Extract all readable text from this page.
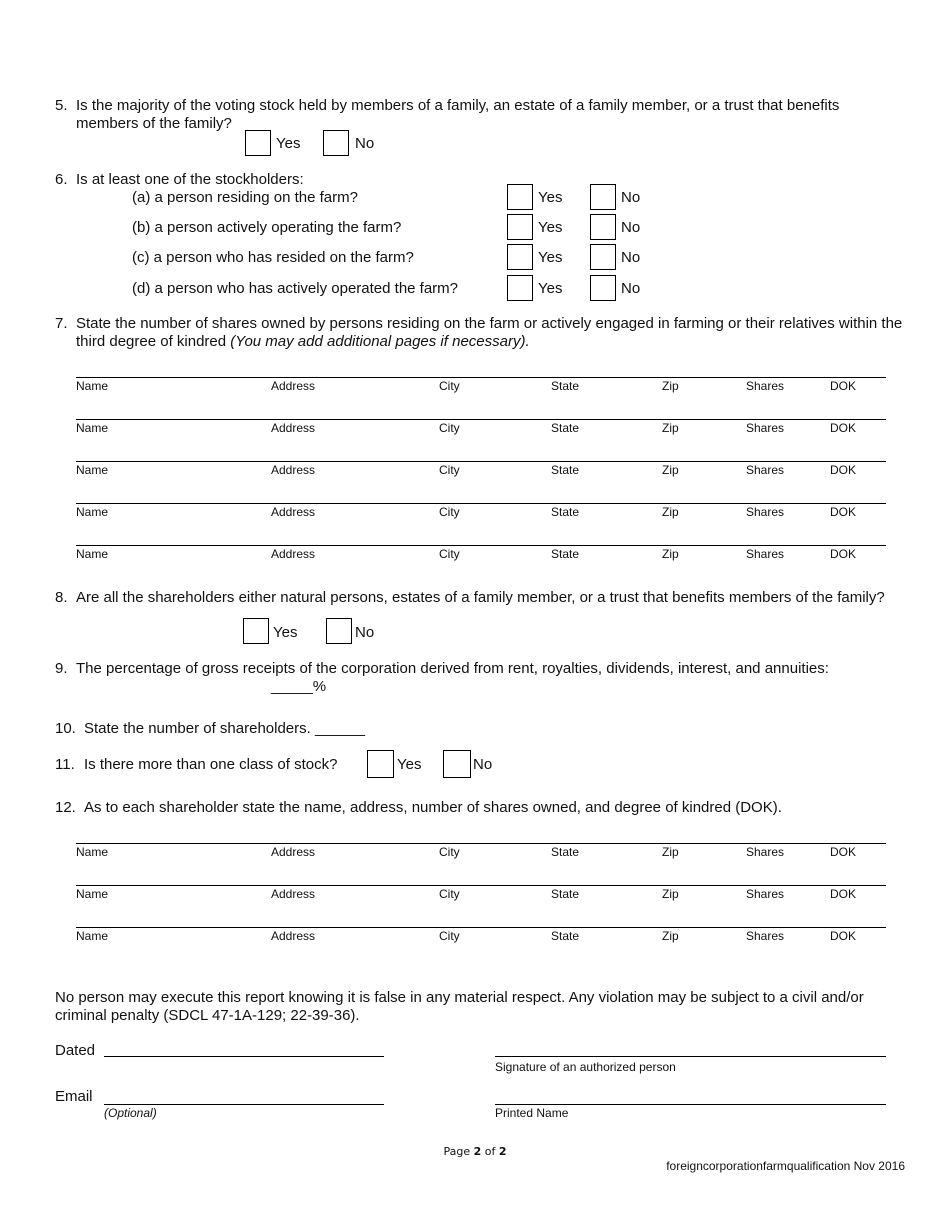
5. Is the majority of the voting stock held by members of a family, an estate of a family member, or a trust that benefits members of the family?
Yes	No
6. Is at least one of the stockholders:
(a) a person residing on the farm?	Yes	No
(b) a person actively operating the farm?	Yes	No
(c) a person who has resided on the farm?	Yes	No
(d) a person who has actively operated the farm?	Yes	No
7. State the number of shares owned by persons residing on the farm or actively engaged in farming or their relatives within the third degree of kindred (You may add additional pages if necessary).
Name	Address	City	State	Zip	Shares	DOK
Name	Address	City	State	Zip	Shares	DOK
Name	Address	City	State	Zip	Shares	DOK
Name	Address	City	State	Zip	Shares	DOK
Name	Address	City	State	Zip	Shares	DOK
8. Are all the shareholders either natural persons, estates of a family member, or a trust that benefits members of the family?
Yes	No
9. The percentage of gross receipts of the corporation derived from rent, royalties, dividends, interest, and annuities:
_____%
10. State the number of shareholders. ______
11. Is there more than one class of stock?	Yes	No
12. As to each shareholder state the name, address, number of shares owned, and degree of kindred (DOK).
Name	Address	City	State	Zip	Shares	DOK
Name	Address	City	State	Zip	Shares	DOK
Name	Address	City	State	Zip	Shares	DOK
No person may execute this report knowing it is false in any material respect. Any violation may be subject to a civil and/or criminal penalty (SDCL 47-1A-129; 22-39-36).
Dated
Signature of an authorized person
Email
(Optional)	Printed Name
Page 2 of 2
foreigncorporationfarmqualification Nov 2016
